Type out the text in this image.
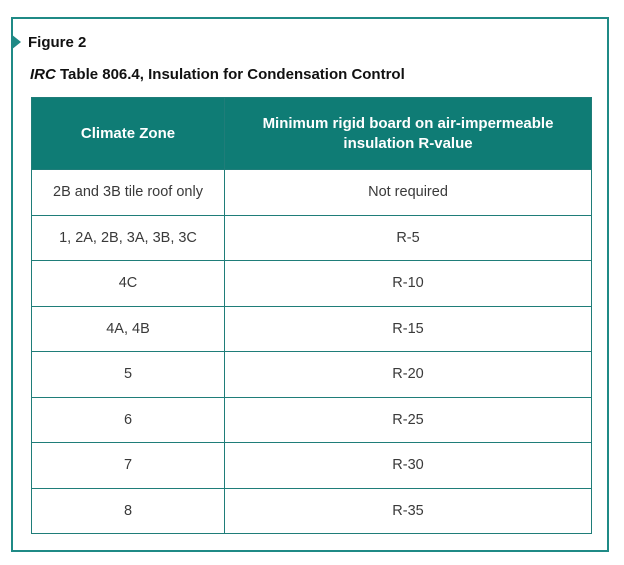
Figure 2
IRC Table 806.4, Insulation for Condensation Control
Climate Zone	Minimum rigid board on air-impermeable insulation R-value
2B and 3B tile roof only	Not required
1, 2A, 2B, 3A, 3B, 3C	R-5
4C	R-10
4A, 4B	R-15
5	R-20
6	R-25
7	R-30
8	R-35
